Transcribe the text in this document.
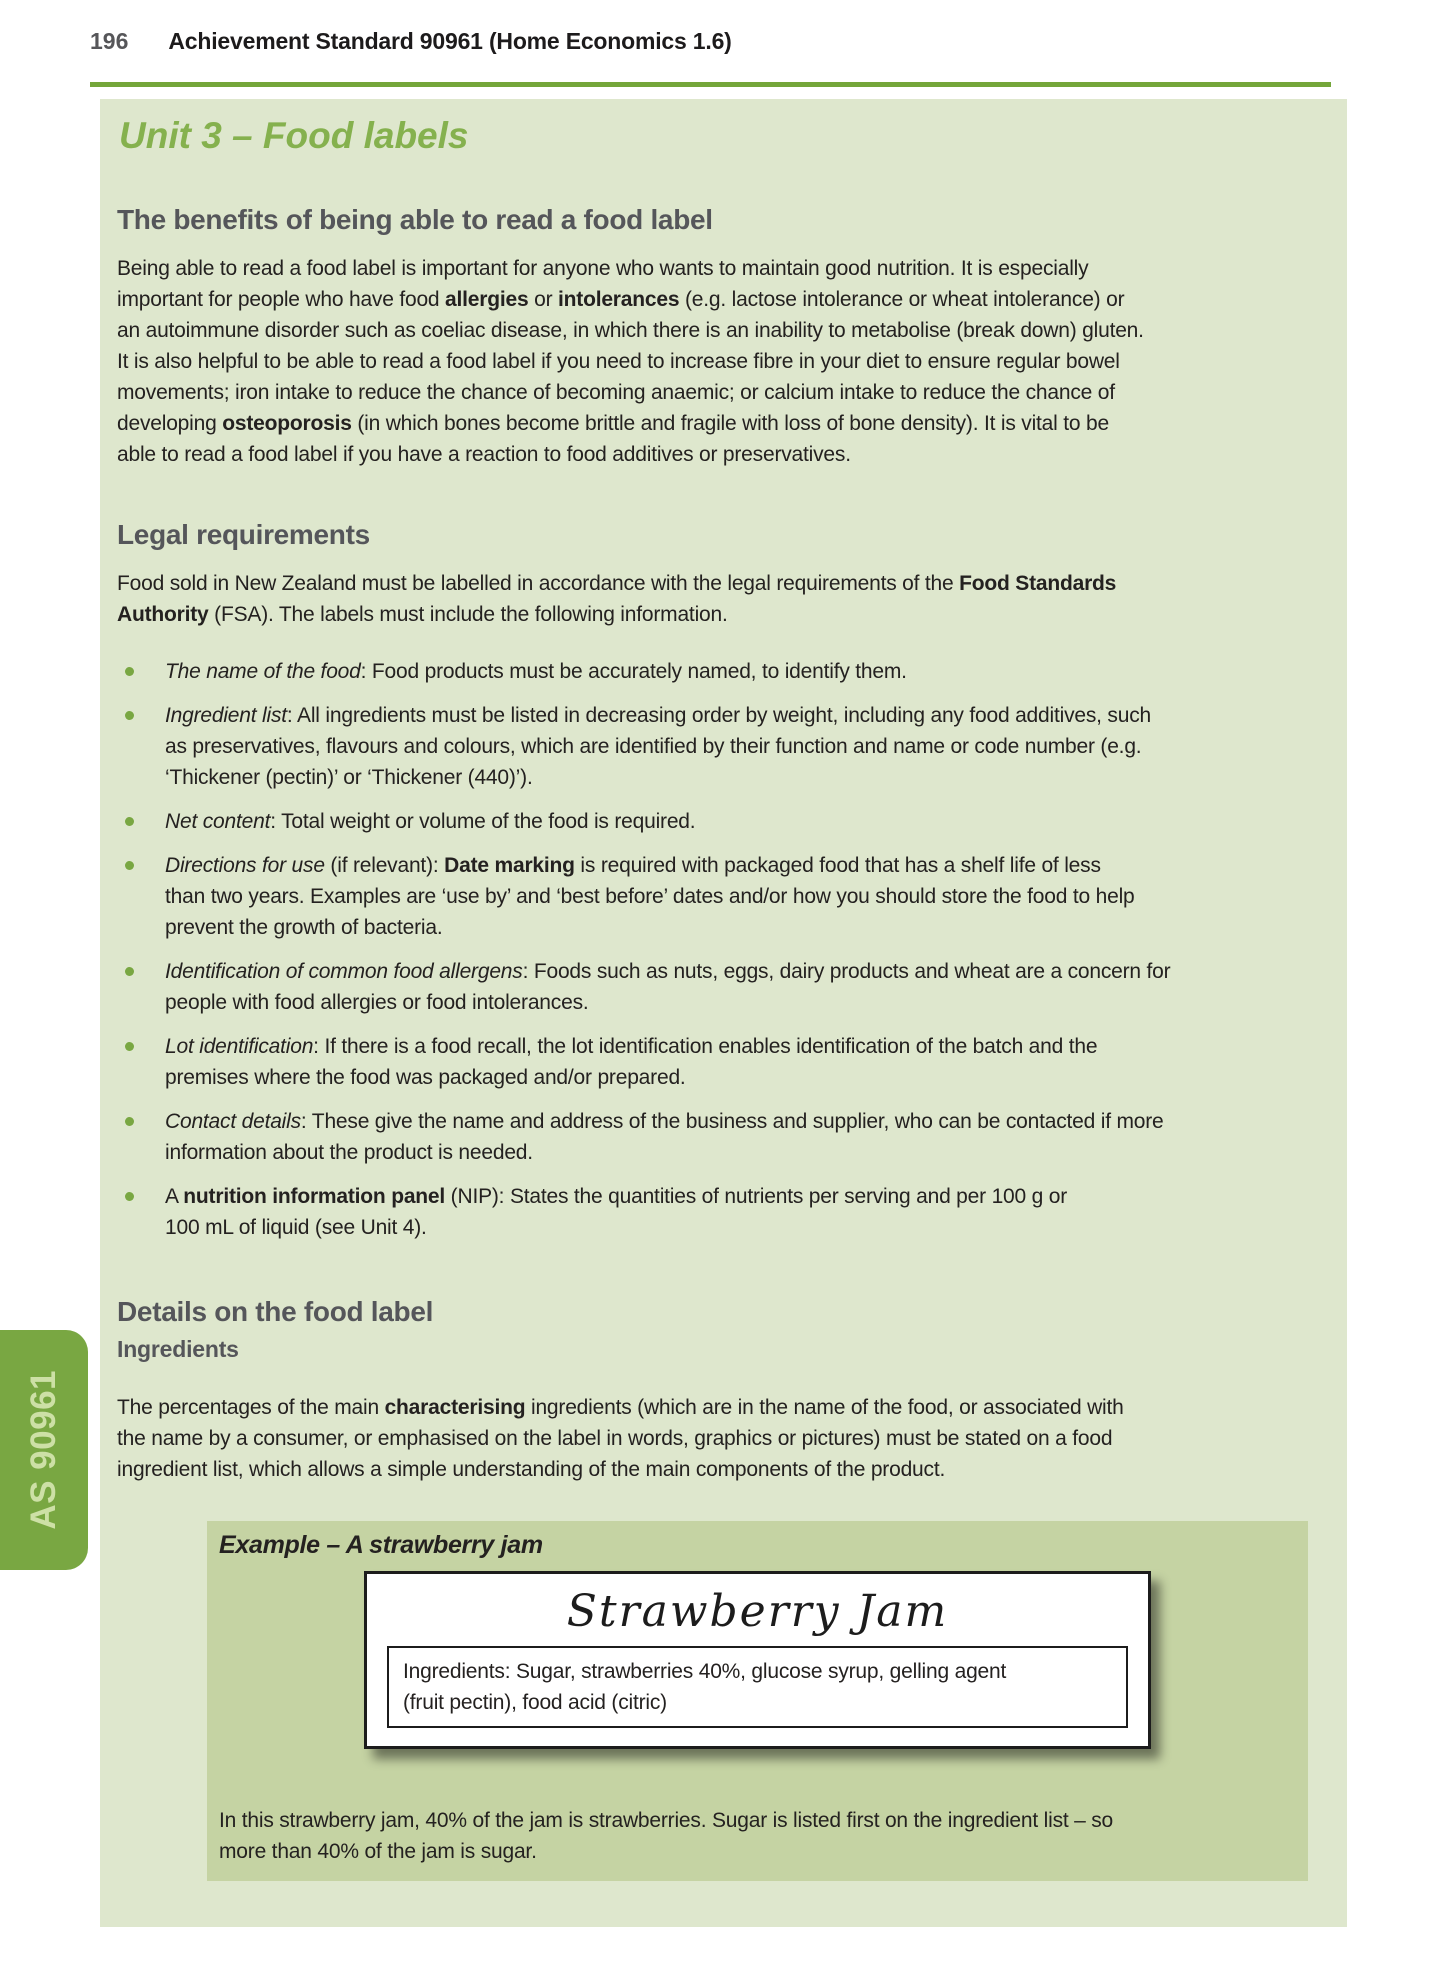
196 Achievement Standard 90961 (Home Economics 1.6)
Unit 3 – Food labels
The benefits of being able to read a food label

Being able to read a food label is important for anyone who wants to maintain good nutrition. It is especially
important for people who have food allergies or intolerances (e.g. lactose intolerance or wheat intolerance) or
an autoimmune disorder such as coeliac disease, in which there is an inability to metabolise (break down) gluten.
It is also helpful to be able to read a food label if you need to increase fibre in your diet to ensure regular bowel
movements; iron intake to reduce the chance of becoming anaemic; or calcium intake to reduce the chance of
developing osteoporosis (in which bones become brittle and fragile with loss of bone density). It is vital to be
able to read a food label if you have a reaction to food additives or preservatives.

Legal requirements

Food sold in New Zealand must be labelled in accordance with the legal requirements of the Food Standards
Authority (FSA). The labels must include the following information.

The name of the food: Food products must be accurately named, to identify them.
Ingredient list: All ingredients must be listed in decreasing order by weight, including any food additives, such
as preservatives, flavours and colours, which are identified by their function and name or code number (e.g.
‘Thickener (pectin)’ or ‘Thickener (440)’).
Net content: Total weight or volume of the food is required.
Directions for use (if relevant): Date marking is required with packaged food that has a shelf life of less
than two years. Examples are ‘use by’ and ‘best before’ dates and/or how you should store the food to help
prevent the growth of bacteria.
Identification of common food allergens: Foods such as nuts, eggs, dairy products and wheat are a concern for
people with food allergies or food intolerances.
Lot identification: If there is a food recall, the lot identification enables identification of the batch and the
premises where the food was packaged and/or prepared.
Contact details: These give the name and address of the business and supplier, who can be contacted if more
information about the product is needed.
A nutrition information panel (NIP): States the quantities of nutrients per serving and per 100 g or
100 mL of liquid (see Unit 4).
Details on the food label
Ingredients

The percentages of the main characterising ingredients (which are in the name of the food, or associated with
the name by a consumer, or emphasised on the label in words, graphics or pictures) must be stated on a food
ingredient list, which allows a simple understanding of the main components of the product.

Example – A strawberry jam
Strawberry Jam
Ingredients: Sugar, strawberries 40%, glucose syrup, gelling agent
(fruit pectin), food acid (citric)

In this strawberry jam, 40% of the jam is strawberries. Sugar is listed first on the ingredient list – so
more than 40% of the jam is sugar.

AS 90961
